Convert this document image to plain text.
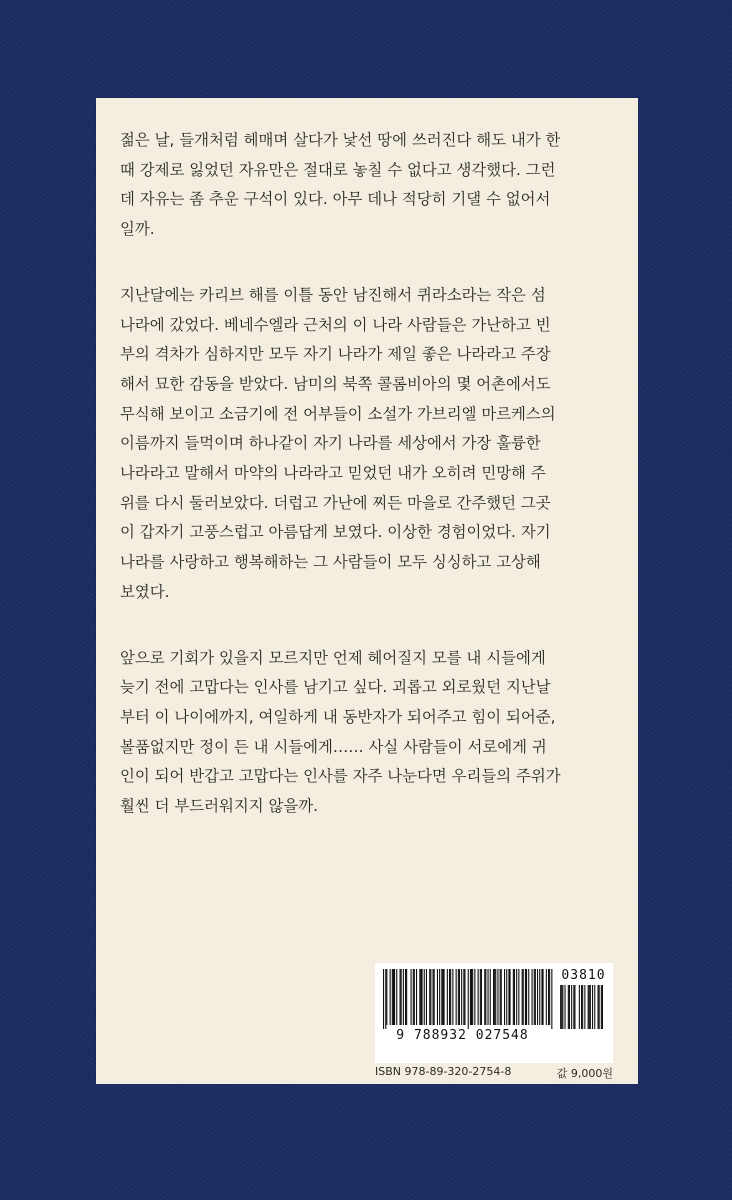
젊은 날, 들개처럼 헤매며 살다가 낯선 땅에 쓰러진다 해도 내가 한
때 강제로 잃었던 자유만은 절대로 놓칠 수 없다고 생각했다. 그런
데 자유는 좀 추운 구석이 있다. 아무 데나 적당히 기댈 수 없어서
일까.

지난달에는 카리브 해를 이틀 동안 남진해서 퀴라소라는 작은 섬
나라에 갔었다. 베네수엘라 근처의 이 나라 사람들은 가난하고 빈
부의 격차가 심하지만 모두 자기 나라가 제일 좋은 나라라고 주장
해서 묘한 감동을 받았다. 남미의 북쪽 콜롬비아의 몇 어촌에서도
무식해 보이고 소금기에 전 어부들이 소설가 가브리엘 마르케스의
이름까지 들먹이며 하나같이 자기 나라를 세상에서 가장 훌륭한
나라라고 말해서 마약의 나라라고 믿었던 내가 오히려 민망해 주
위를 다시 둘러보았다. 더럽고 가난에 찌든 마을로 간주했던 그곳
이 갑자기 고풍스럽고 아름답게 보였다. 이상한 경험이었다. 자기
나라를 사랑하고 행복해하는 그 사람들이 모두 싱싱하고 고상해
보였다.

앞으로 기회가 있을지 모르지만 언제 헤어질지 모를 내 시들에게
늦기 전에 고맙다는 인사를 남기고 싶다. 괴롭고 외로웠던 지난날
부터 이 나이에까지, 여일하게 내 동반자가 되어주고 힘이 되어준,
볼품없지만 정이 든 내 시들에게…… 사실 사람들이 서로에게 귀
인이 되어 반갑고 고맙다는 인사를 자주 나눈다면 우리들의 주위가
훨씬 더 부드러워지지 않을까.

9 788932 027548
03810
ISBN 978-89-320-2754-8	값 9,000원
